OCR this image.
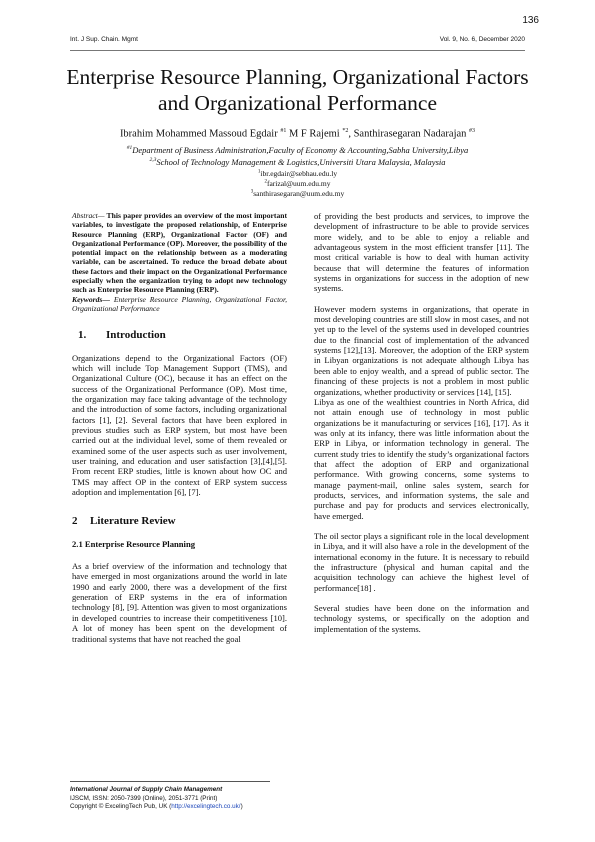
136
Int. J Sup. Chain. Mgmt	Vol. 9, No. 6, December 2020
Enterprise Resource Planning, Organizational Factors and Organizational Performance
Ibrahim Mohammed Massoud Egdair $^{\#1}$ M F Rajemi $^{*2}$, Santhirasegaran Nadarajan $^{\#3}$
$^{\#1}$Department of Business Administration,Faculty of Economy & Accounting,Sabha University,Libya
$^{2,3}$School of Technology Management & Logistics,Universiti Utara Malaysia, Malaysia
$^1$ibr.egdair@sebhau.edu.ly
$^2$farizal@uum.edu.my
$^3$santhirasegaran@uum.edu.my

Abstract— This paper provides an overview of the most important variables, to investigate the proposed relationship, of Enterprise Resource Planning (ERP), Organizational Factor (OF) and Organizational Performance (OP). Moreover, the possibility of the potential impact on the relationship between as a moderating variable, can be ascertained. To reduce the broad debate about these factors and their impact on the Organizational Performance especially when the organization trying to adopt new technology such as Enterprise Resource Planning (ERP).

Keywords— Enterprise Resource Planning, Organizational Factor, Organizational Performance

1. Introduction

Organizations depend to the Organizational Factors (OF) which will include Top Management Support (TMS), and Organizational Culture (OC), because it has an effect on the success of the Organizational Performance (OP). Most time, the organization may face taking advantage of the technology and the introduction of some factors, including organizational factors [1], [2]. Several factors that have been explored in previous studies such as ERP system, but most have been carried out at the individual level, some of them revealed or examined some of the user aspects such as user involvement, user training, and education and user satisfaction [3],[4],[5]. From recent ERP studies, little is known about how OC and TMS may affect OP in the context of ERP system success adoption and implementation [6], [7].

2 Literature Review
2.1 Enterprise Resource Planning

As a brief overview of the information and technology that have emerged in most organizations around the world in late 1990 and early 2000, there was a development of the first generation of ERP systems in the era of information technology [8], [9]. Attention was given to most organizations in developed countries to increase their competitiveness [10]. A lot of money has been spent on the development of traditional systems that have not reached the goal

of providing the best products and services, to improve the development of infrastructure to be able to provide services more widely, and to be able to enjoy a reliable and advantageous system in the most efficient transfer [11]. The most critical variable is how to deal with human activity because that will determine the features of information systems in organizations for success in the adoption of new systems.

However modern systems in organizations, that operate in most developing countries are still slow in most cases, and not yet up to the level of the systems used in developed countries due to the financial cost of implementation of the advanced systems [12],[13]. Moreover, the adoption of the ERP system in Libyan organizations is not adequate although Libya has been able to enjoy wealth, and a spread of public sector. The financing of these projects is not a problem in most public organizations, whether productivity or services [14], [15].

Libya as one of the wealthiest countries in North Africa, did not attain enough use of technology in most public organizations be it manufacturing or services [16], [17]. As it was only at its infancy, there was little information about the ERP in Libya, or information technology in general. The current study tries to identify the study’s organizational factors that affect the adoption of ERP and organizational performance. With growing concerns, some systems to manage payment-mail, online sales system, search for products, services, and information systems, the sale and purchase and pay for products and services electronically, have emerged.

The oil sector plays a significant role in the local development in Libya, and it will also have a role in the development of the international economy in the future. It is necessary to rebuild the infrastructure (physical and human capital and the acquisition technology can achieve the highest level of performance[18] .

Several studies have been done on the information and technology systems, or specifically on the adoption and implementation of the systems.

International Journal of Supply Chain Management
IJSCM, ISSN: 2050-7399 (Online), 2051-3771 (Print)
Copyright © ExcelingTech Pub, UK (http://excelingtech.co.uk/)
